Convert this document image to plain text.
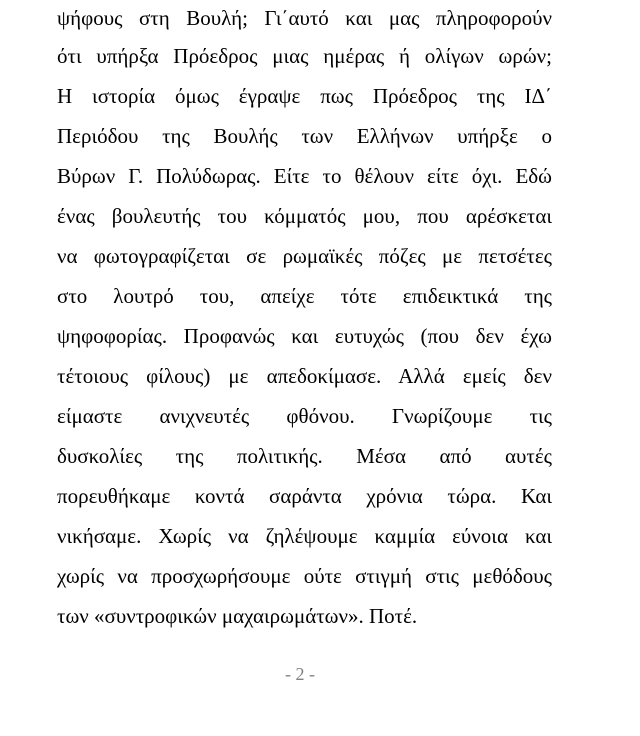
ψήφους στη Βουλή; Γι΄αυτό και μας πληροφορούν
ότι υπήρξα Πρόεδρος μιας ημέρας ή ολίγων ωρών;
Η ιστορία όμως έγραψε πως Πρόεδρος της ΙΔ΄
Περιόδου της Βουλής των Ελλήνων υπήρξε ο
Βύρων Γ. Πολύδωρας. Είτε το θέλουν είτε όχι. Εδώ
ένας βουλευτής του κόμματός μου, που αρέσκεται
να φωτογραφίζεται σε ρωμαϊκές πόζες με πετσέτες
στο λουτρό του, απείχε τότε επιδεικτικά της
ψηφοφορίας. Προφανώς και ευτυχώς (που δεν έχω
τέτοιους φίλους) με απεδοκίμασε. Αλλά εμείς δεν
είμαστε ανιχνευτές φθόνου. Γνωρίζουμε τις
δυσκολίες της πολιτικής. Μέσα από αυτές
πορευθήκαμε κοντά σαράντα χρόνια τώρα. Και
νικήσαμε. Χωρίς να ζηλέψουμε καμμία εύνοια και
χωρίς να προσχωρήσουμε ούτε στιγμή στις μεθόδους
των «συντροφικών μαχαιρωμάτων». Ποτέ.
- 2 -
